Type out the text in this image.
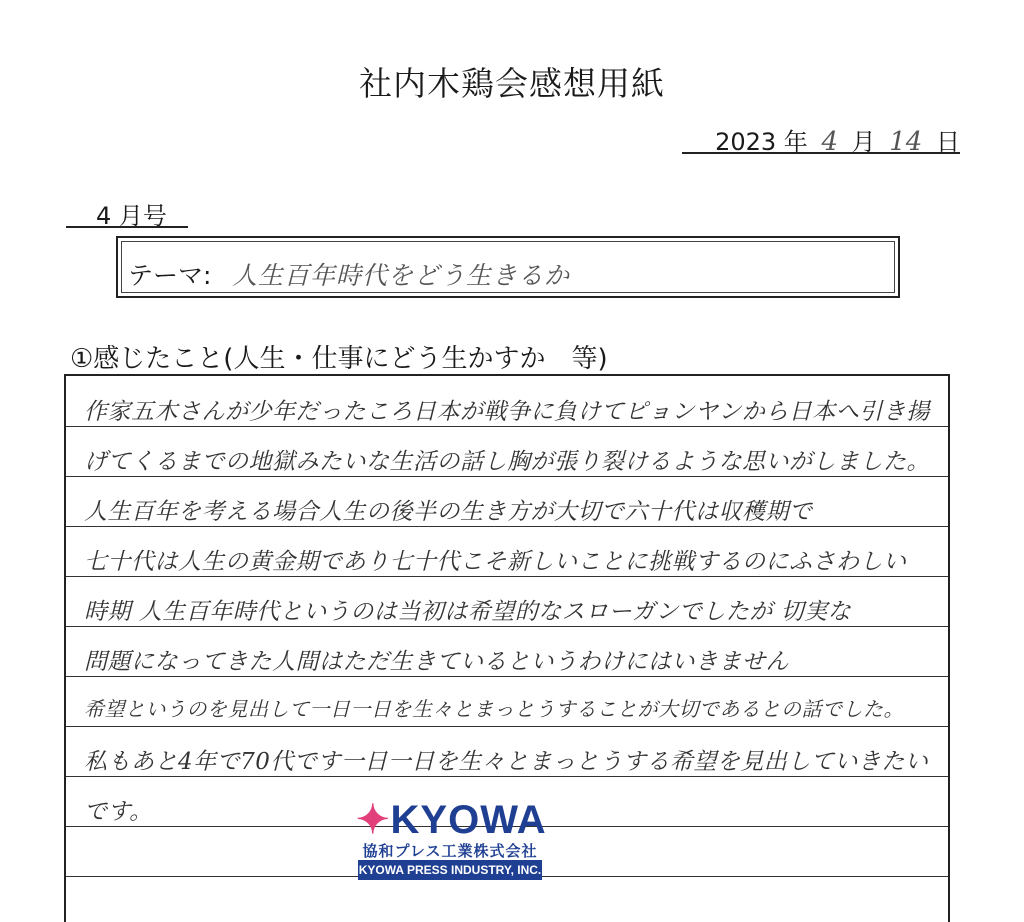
社内木鶏会感想用紙
2023 年 4 月 14 日
4 月号
テーマ: 人生百年時代をどう生きるか
①感じたこと(人生・仕事にどう生かすか　等)
作家五木さんが少年だったころ日本が戦争に負けてピョンヤンから日本へ引き揚
げてくるまでの地獄みたいな生活の話し胸が張り裂けるような思いがしました。
人生百年を考える場合人生の後半の生き方が大切で六十代は収穫期で
七十代は人生の黄金期であり七十代こそ新しいことに挑戦するのにふさわしい
時期 人生百年時代というのは当初は希望的なスローガンでしたが 切実な
問題になってきた人間はただ生きているというわけにはいきません
希望というのを見出して一日一日を生々とまっとうすることが大切であるとの話でした。
私もあと4年で70代です一日一日を生々とまっとうする希望を見出していきたい
です。	✦KYOWA
協和プレス工業株式会社
KYOWA PRESS INDUSTRY, INC.
